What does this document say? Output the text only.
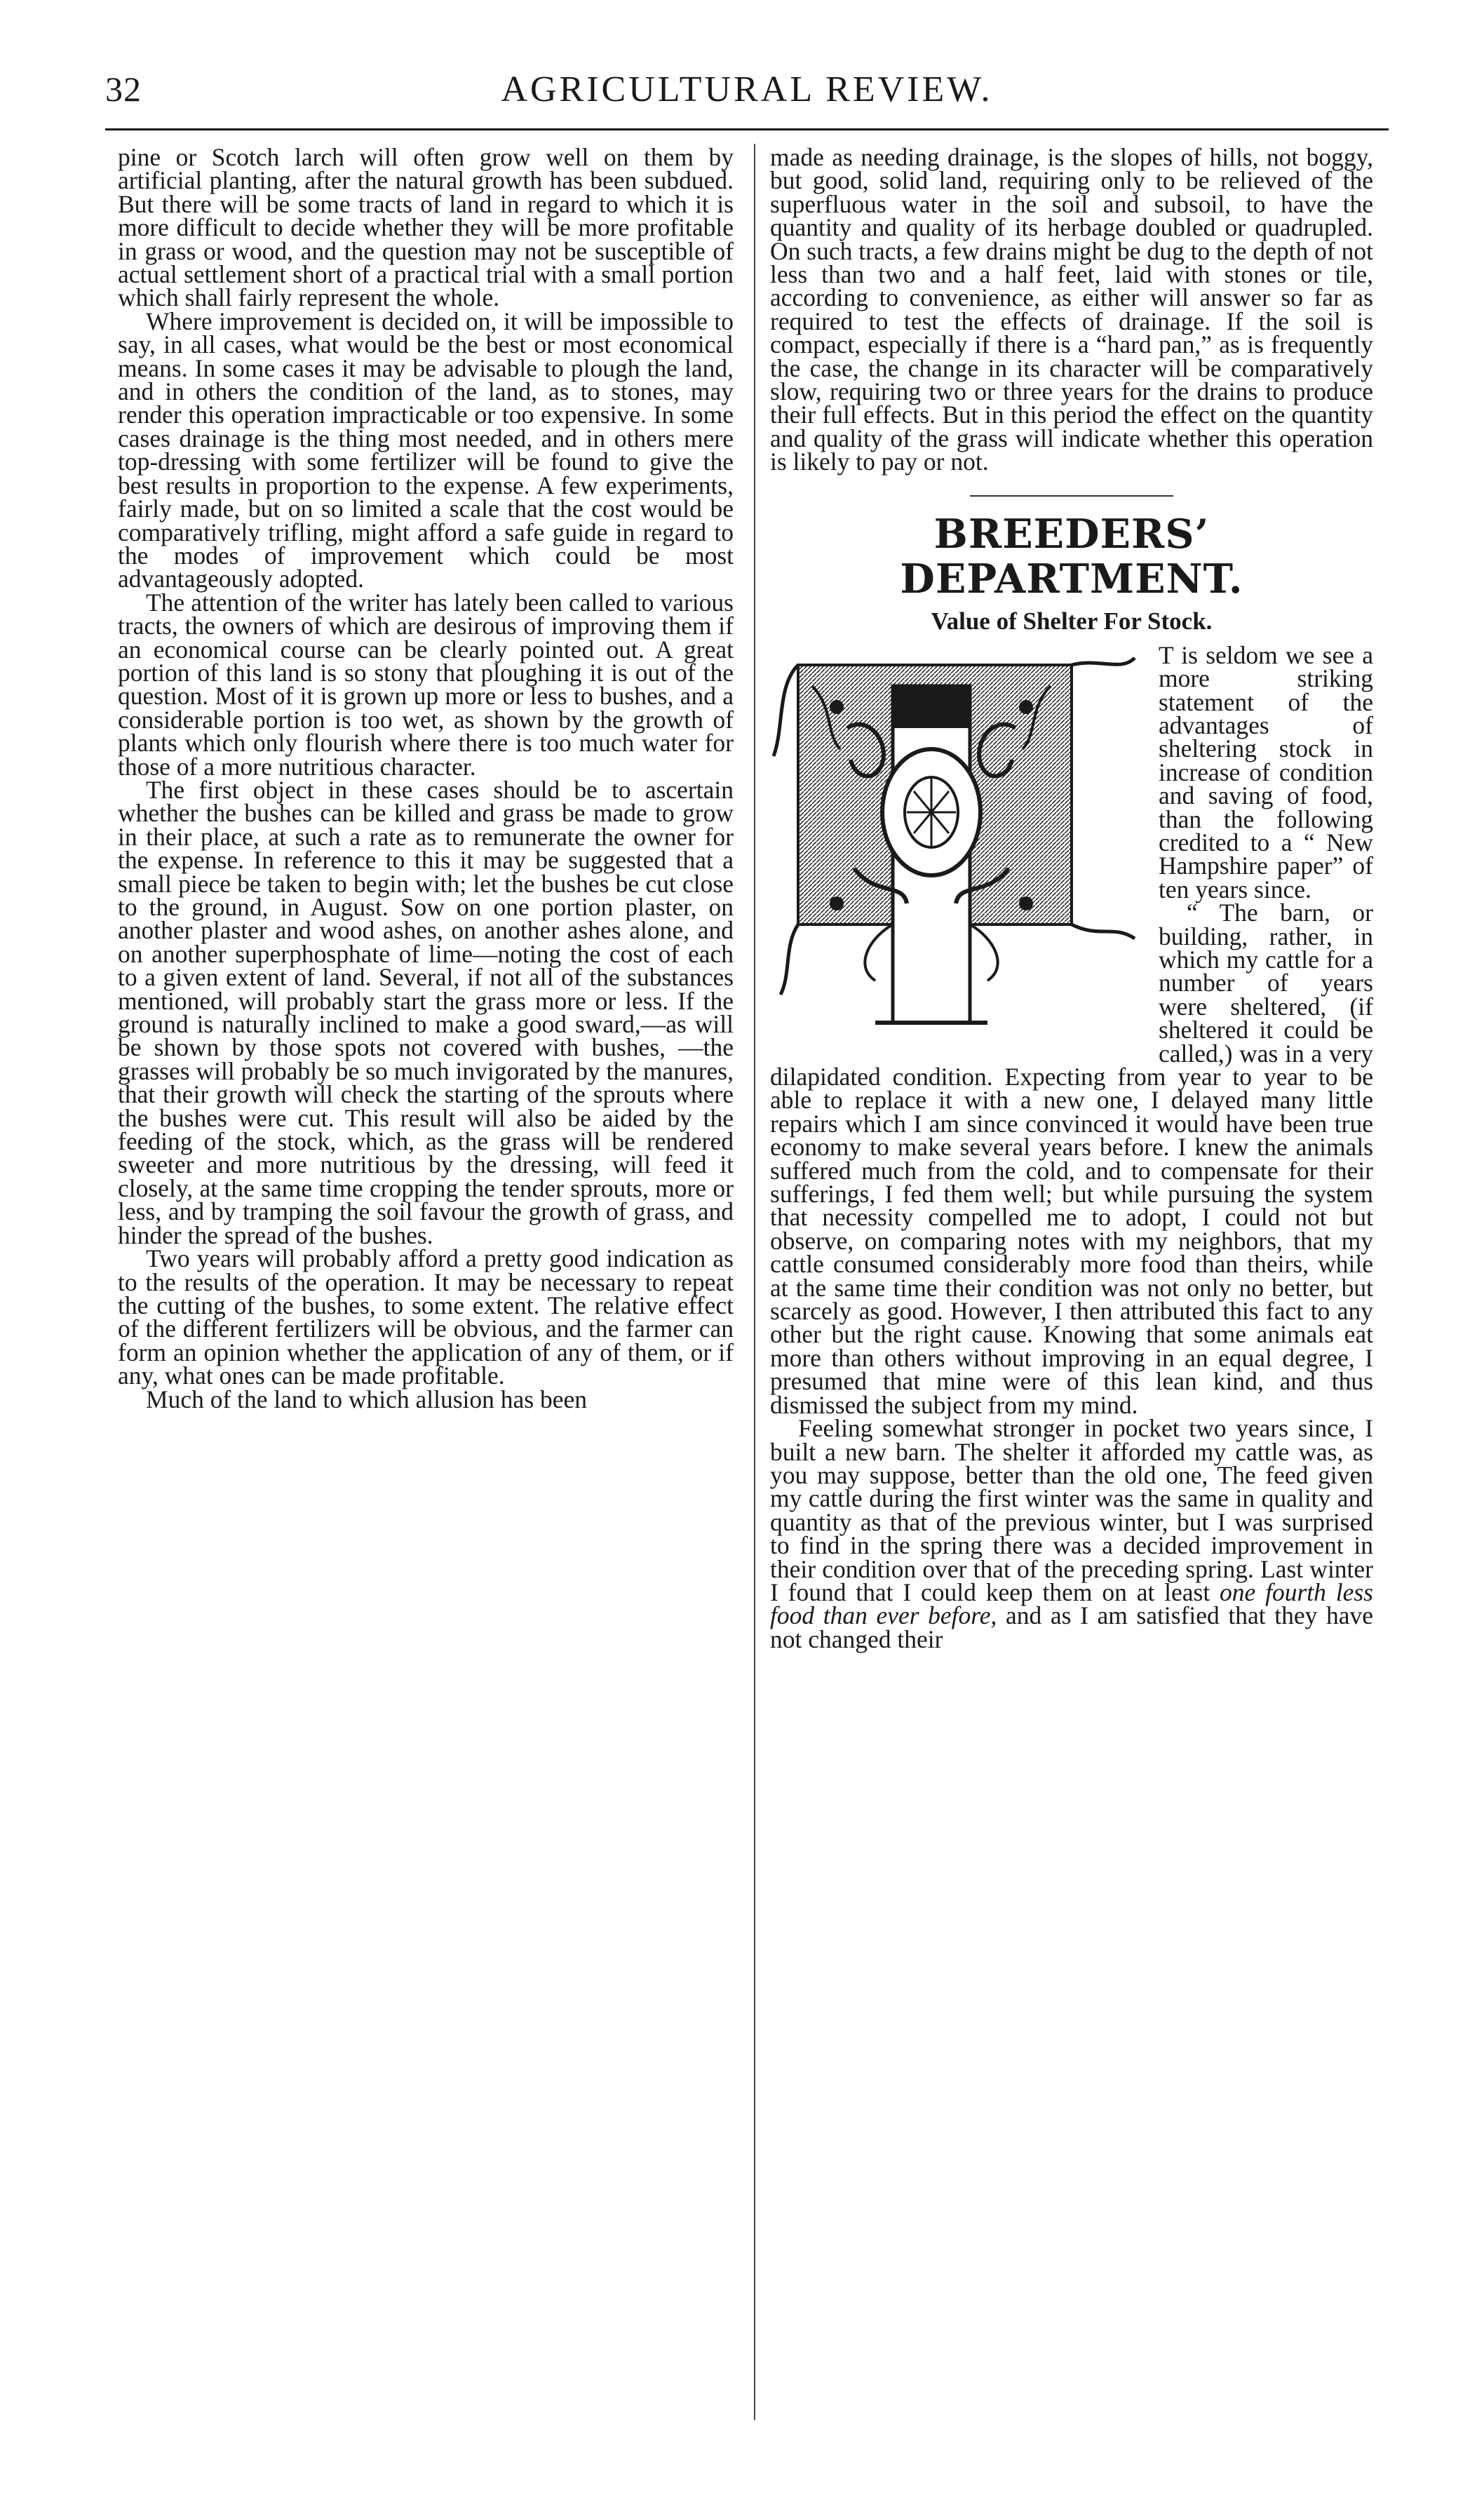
32	AGRICULTURAL REVIEW.

pine or Scotch larch will often grow well on them by artificial planting, after the natural growth has been subdued. But there will be some tracts of land in regard to which it is more difficult to decide whether they will be more profitable in grass or wood, and the question may not be susceptible of actual settlement short of a practical trial with a small portion which shall fairly represent the whole.

Where improvement is decided on, it will be impossible to say, in all cases, what would be the best or most economical means. In some cases it may be advisable to plough the land, and in others the condition of the land, as to stones, may render this operation impracticable or too expensive. In some cases drainage is the thing most needed, and in others mere top-dressing with some fertilizer will be found to give the best results in proportion to the expense. A few experiments, fairly made, but on so limited a scale that the cost would be comparatively trifling, might afford a safe guide in regard to the modes of improvement which could be most advantageously adopted.

The attention of the writer has lately been called to various tracts, the owners of which are desirous of improving them if an economical course can be clearly pointed out. A great portion of this land is so stony that ploughing it is out of the question. Most of it is grown up more or less to bushes, and a considerable portion is too wet, as shown by the growth of plants which only flourish where there is too much water for those of a more nutritious character.

The first object in these cases should be to ascertain whether the bushes can be killed and grass be made to grow in their place, at such a rate as to remunerate the owner for the expense. In reference to this it may be suggested that a small piece be taken to begin with; let the bushes be cut close to the ground, in August. Sow on one portion plaster, on another plaster and wood ashes, on another ashes alone, and on another superphosphate of lime—noting the cost of each to a given extent of land. Several, if not all of the substances mentioned, will probably start the grass more or less. If the ground is naturally inclined to make a good sward,—as will be shown by those spots not covered with bushes, —the grasses will probably be so much invigorated by the manures, that their growth will check the starting of the sprouts where the bushes were cut. This result will also be aided by the feeding of the stock, which, as the grass will be rendered sweeter and more nutritious by the dressing, will feed it closely, at the same time cropping the tender sprouts, more or less, and by tramping the soil favour the growth of grass, and hinder the spread of the bushes.

Two years will probably afford a pretty good indication as to the results of the operation. It may be necessary to repeat the cutting of the bushes, to some extent. The relative effect of the different fertilizers will be obvious, and the farmer can form an opinion whether the application of any of them, or if any, what ones can be made profitable.

Much of the land to which allusion has been

made as needing drainage, is the slopes of hills, not boggy, but good, solid land, requiring only to be relieved of the superfluous water in the soil and subsoil, to have the quantity and quality of its herbage doubled or quadrupled. On such tracts, a few drains might be dug to the depth of not less than two and a half feet, laid with stones or tile, according to convenience, as either will answer so far as required to test the effects of drainage. If the soil is compact, especially if there is a “hard pan,” as is frequently the case, the change in its character will be comparatively slow, requiring two or three years for the drains to produce their full effects. But in this period the effect on the quantity and quality of the grass will indicate whether this operation is likely to pay or not.

BREEDERS’ DEPARTMENT.
Value of Shelter For Stock.

T is seldom we see a more striking statement of the advantages of sheltering stock in increase of condition and saving of food, than the following credited to a “ New Hampshire paper” of ten years since.

“ The barn, or building, rather, in which my cattle for a number of years were sheltered, (if sheltered it could be called,) was in a very dilapidated condition. Expecting from year to year to be able to replace it with a new one, I delayed many little repairs which I am since convinced it would have been true economy to make several years before. I knew the animals suffered much from the cold, and to compensate for their sufferings, I fed them well; but while pursuing the system that necessity compelled me to adopt, I could not but observe, on comparing notes with my neighbors, that my cattle consumed considerably more food than theirs, while at the same time their condition was not only no better, but scarcely as good. However, I then attributed this fact to any other but the right cause. Knowing that some animals eat more than others without improving in an equal degree, I presumed that mine were of this lean kind, and thus dismissed the subject from my mind.

Feeling somewhat stronger in pocket two years since, I built a new barn. The shelter it afforded my cattle was, as you may suppose, better than the old one, The feed given my cattle during the first winter was the same in quality and quantity as that of the previous winter, but I was surprised to find in the spring there was a decided improvement in their condition over that of the preceding spring. Last winter I found that I could keep them on at least one fourth less food than ever before, and as I am satisfied that they have not changed their
